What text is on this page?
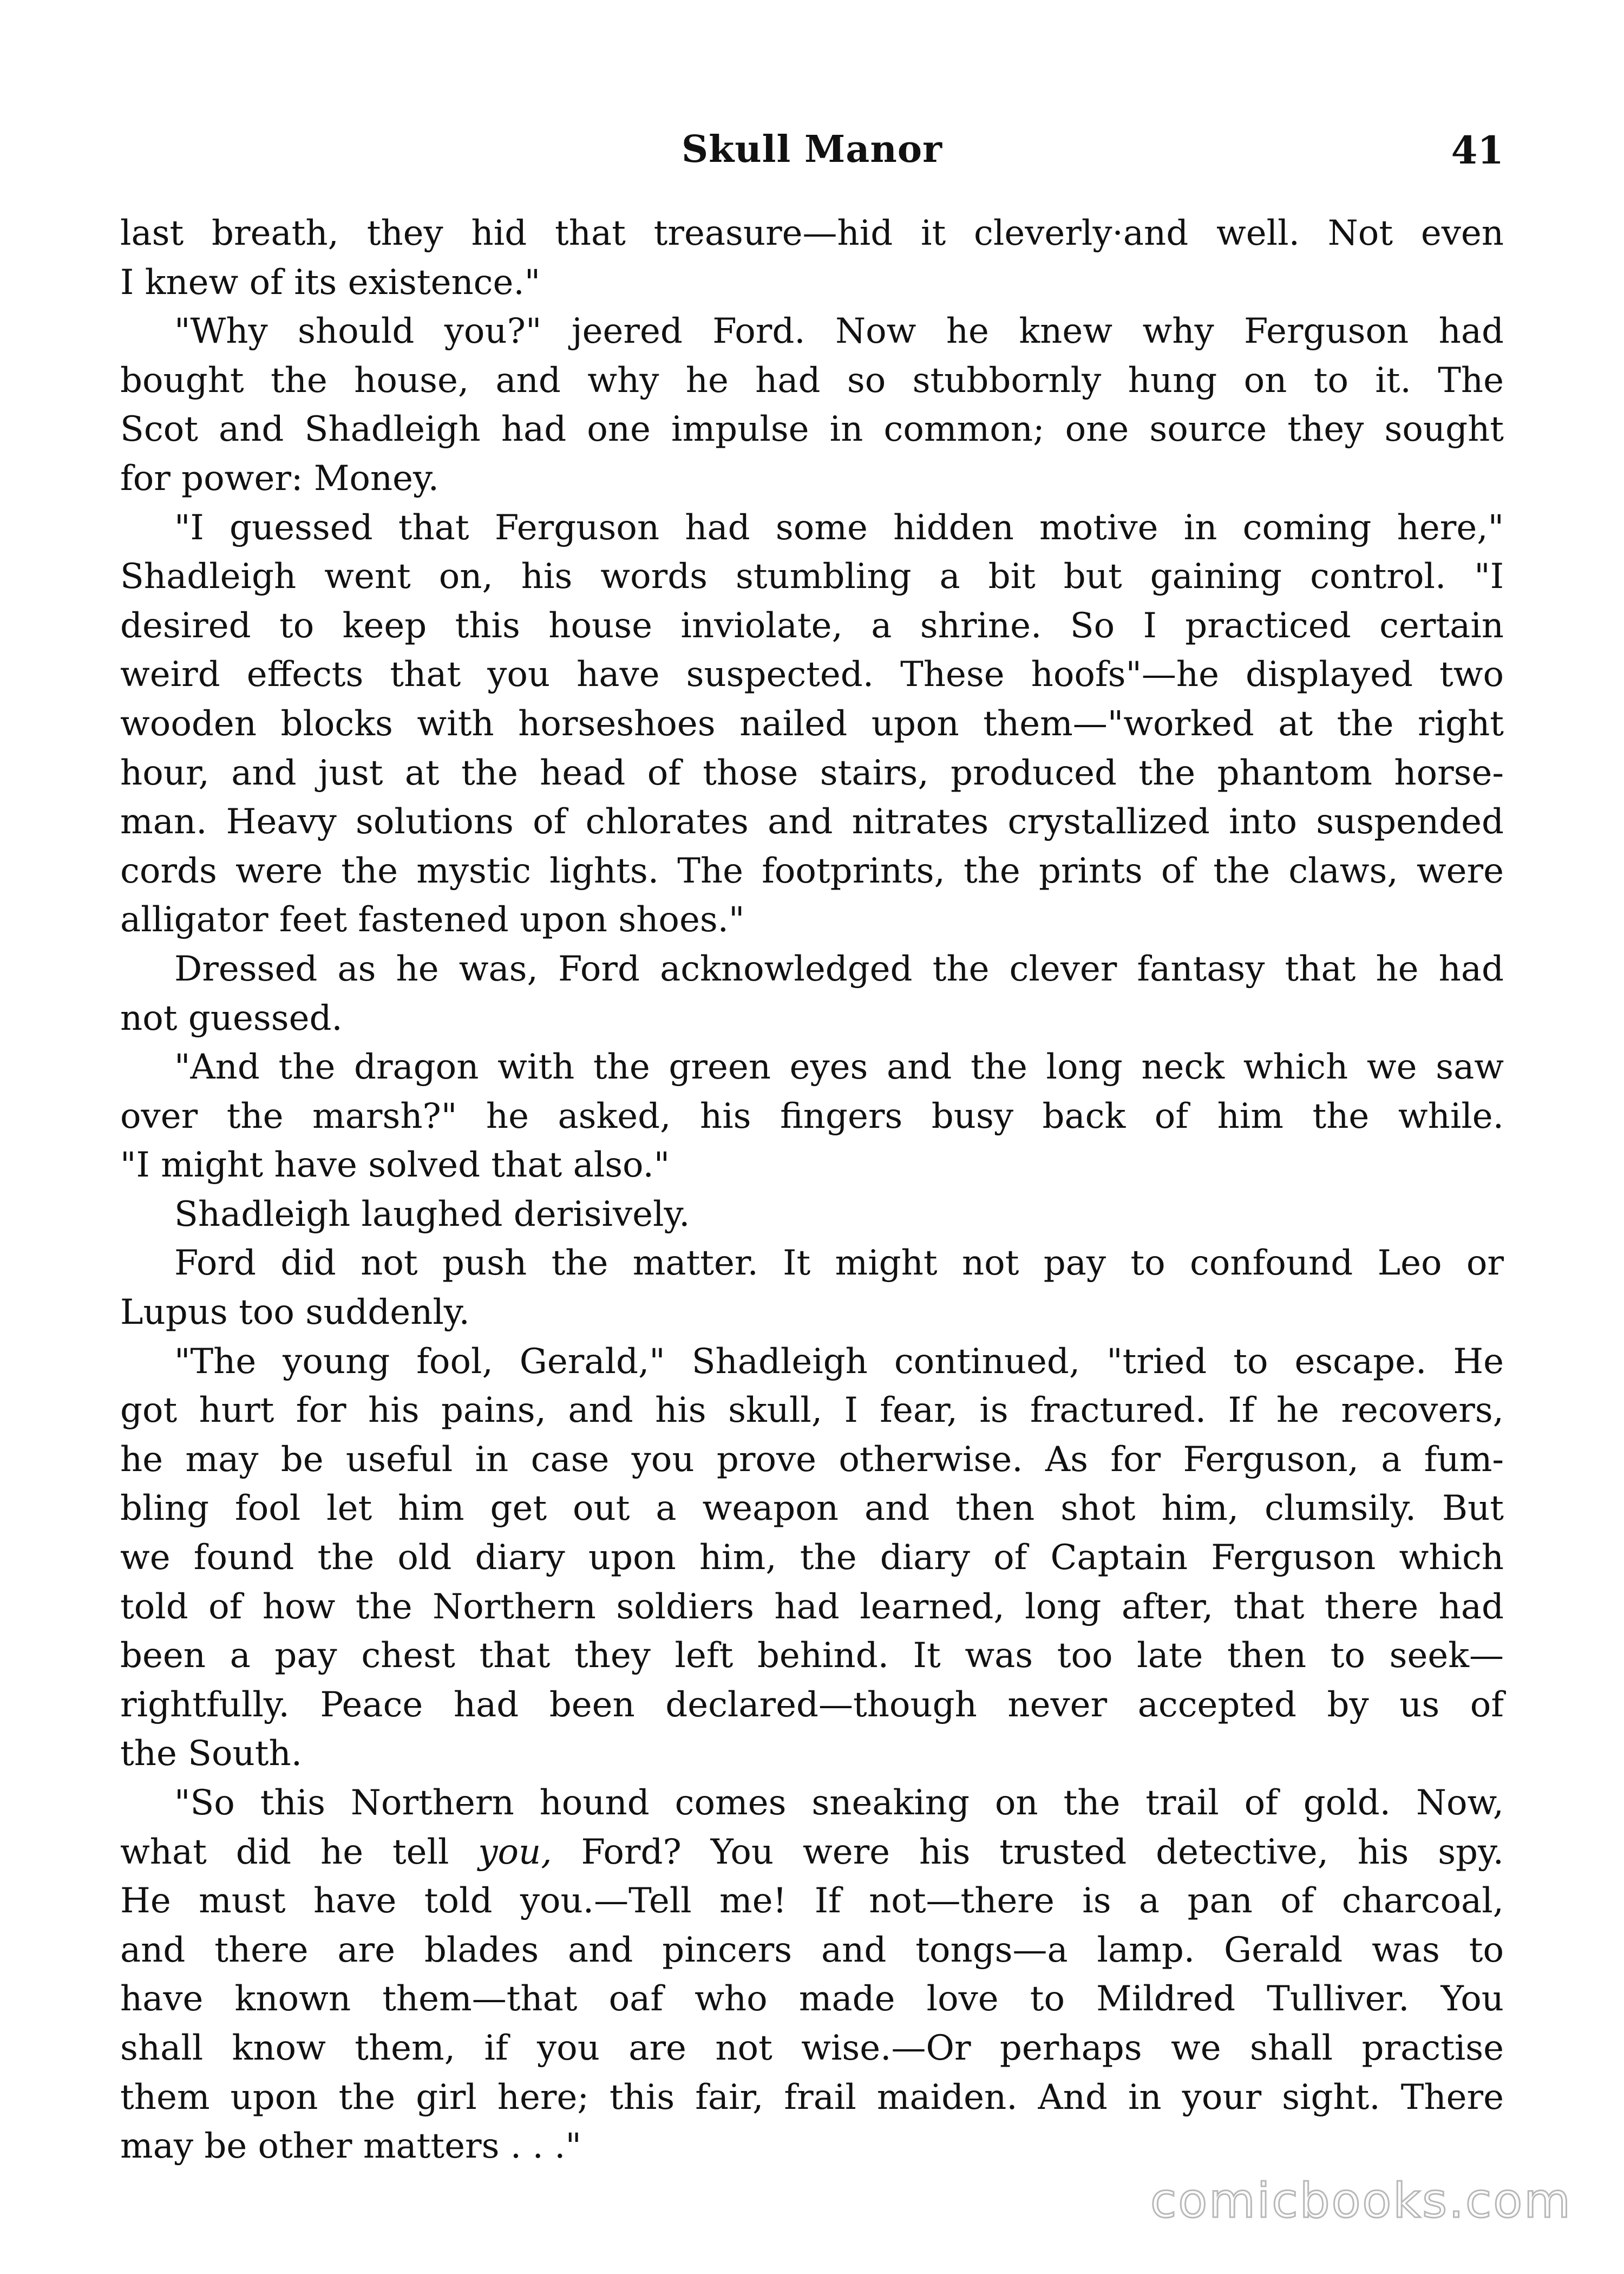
Skull Manor	41
last breath, they hid that treasure—hid it cleverly·and well. Not even
I knew of its existence."
"Why should you?" jeered Ford. Now he knew why Ferguson had
bought the house, and why he had so stubbornly hung on to it. The
Scot and Shadleigh had one impulse in common; one source they sought
for power: Money.
"I guessed that Ferguson had some hidden motive in coming here,"
Shadleigh went on, his words stumbling a bit but gaining control. "I
desired to keep this house inviolate, a shrine. So I practiced certain
weird effects that you have suspected. These hoofs"—he displayed two
wooden blocks with horseshoes nailed upon them—"worked at the right
hour, and just at the head of those stairs, produced the phantom horse-
man. Heavy solutions of chlorates and nitrates crystallized into suspended
cords were the mystic lights. The footprints, the prints of the claws, were
alligator feet fastened upon shoes."
Dressed as he was, Ford acknowledged the clever fantasy that he had
not guessed.
"And the dragon with the green eyes and the long neck which we saw
over the marsh?" he asked, his fingers busy back of him the while.
"I might have solved that also."
Shadleigh laughed derisively.
Ford did not push the matter. It might not pay to confound Leo or
Lupus too suddenly.
"The young fool, Gerald," Shadleigh continued, "tried to escape. He
got hurt for his pains, and his skull, I fear, is fractured. If he recovers,
he may be useful in case you prove otherwise. As for Ferguson, a fum-
bling fool let him get out a weapon and then shot him, clumsily. But
we found the old diary upon him, the diary of Captain Ferguson which
told of how the Northern soldiers had learned, long after, that there had
been a pay chest that they left behind. It was too late then to seek—
rightfully. Peace had been declared—though never accepted by us of
the South.
"So this Northern hound comes sneaking on the trail of gold. Now,
what did he tell you, Ford? You were his trusted detective, his spy.
He must have told you.—Tell me! If not—there is a pan of charcoal,
and there are blades and pincers and tongs—a lamp. Gerald was to
have known them—that oaf who made love to Mildred Tulliver. You
shall know them, if you are not wise.—Or perhaps we shall practise
them upon the girl here; this fair, frail maiden. And in your sight. There
may be other matters . . ."
comicbooks.com
